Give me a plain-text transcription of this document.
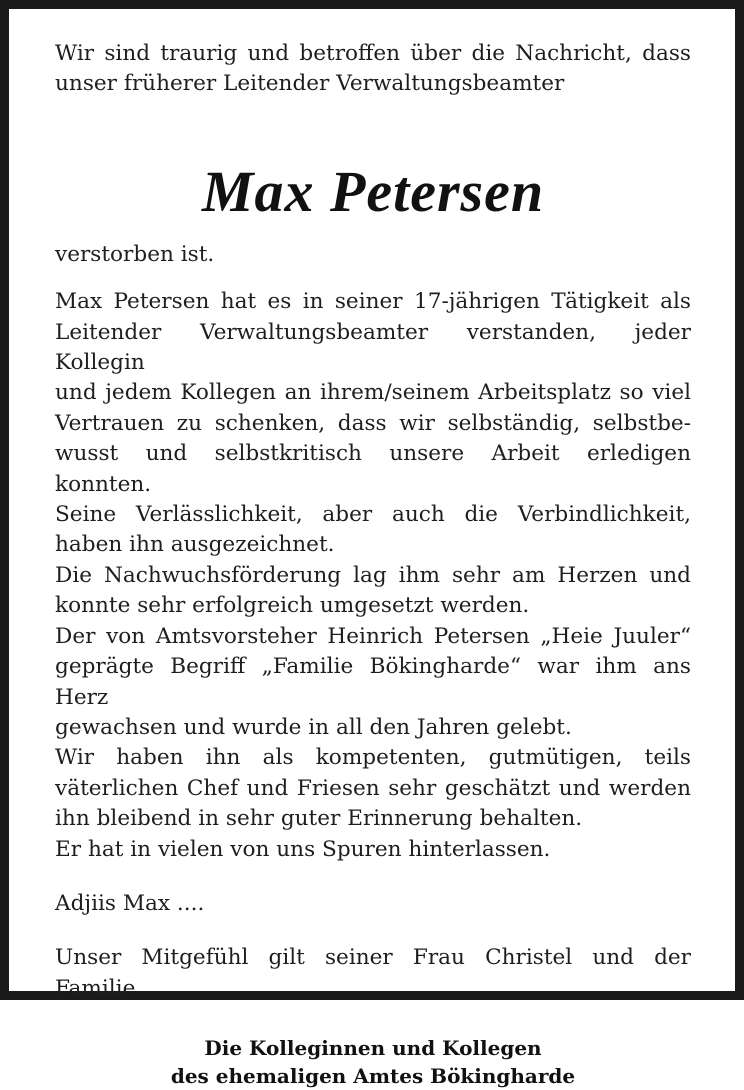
Wir sind traurig und betroffen über die Nachricht, dass
unser früherer Leitender Verwaltungsbeamter

Max Petersen

verstorben ist.

Max Petersen hat es in seiner 17-jährigen Tätigkeit als
Leitender Verwaltungsbeamter verstanden, jeder Kollegin
und jedem Kollegen an ihrem/seinem Arbeitsplatz so viel
Vertrauen zu schenken, dass wir selbständig, selbstbe-
wusst und selbstkritisch unsere Arbeit erledigen konnten.
Seine Verlässlichkeit, aber auch die Verbindlichkeit,
haben ihn ausgezeichnet.
Die Nachwuchsförderung lag ihm sehr am Herzen und
konnte sehr erfolgreich umgesetzt werden.
Der von Amtsvorsteher Heinrich Petersen „Heie Juuler“
geprägte Begriff „Familie Bökingharde“ war ihm ans Herz
gewachsen und wurde in all den Jahren gelebt.
Wir haben ihn als kompetenten, gutmütigen, teils
väterlichen Chef und Friesen sehr geschätzt und werden
ihn bleibend in sehr guter Erinnerung behalten.
Er hat in vielen von uns Spuren hinterlassen.

Adjiis Max ....

Unser Mitgefühl gilt seiner Frau Christel und der Familie.

Die Kolleginnen und Kollegen
des ehemaligen Amtes Bökingharde
